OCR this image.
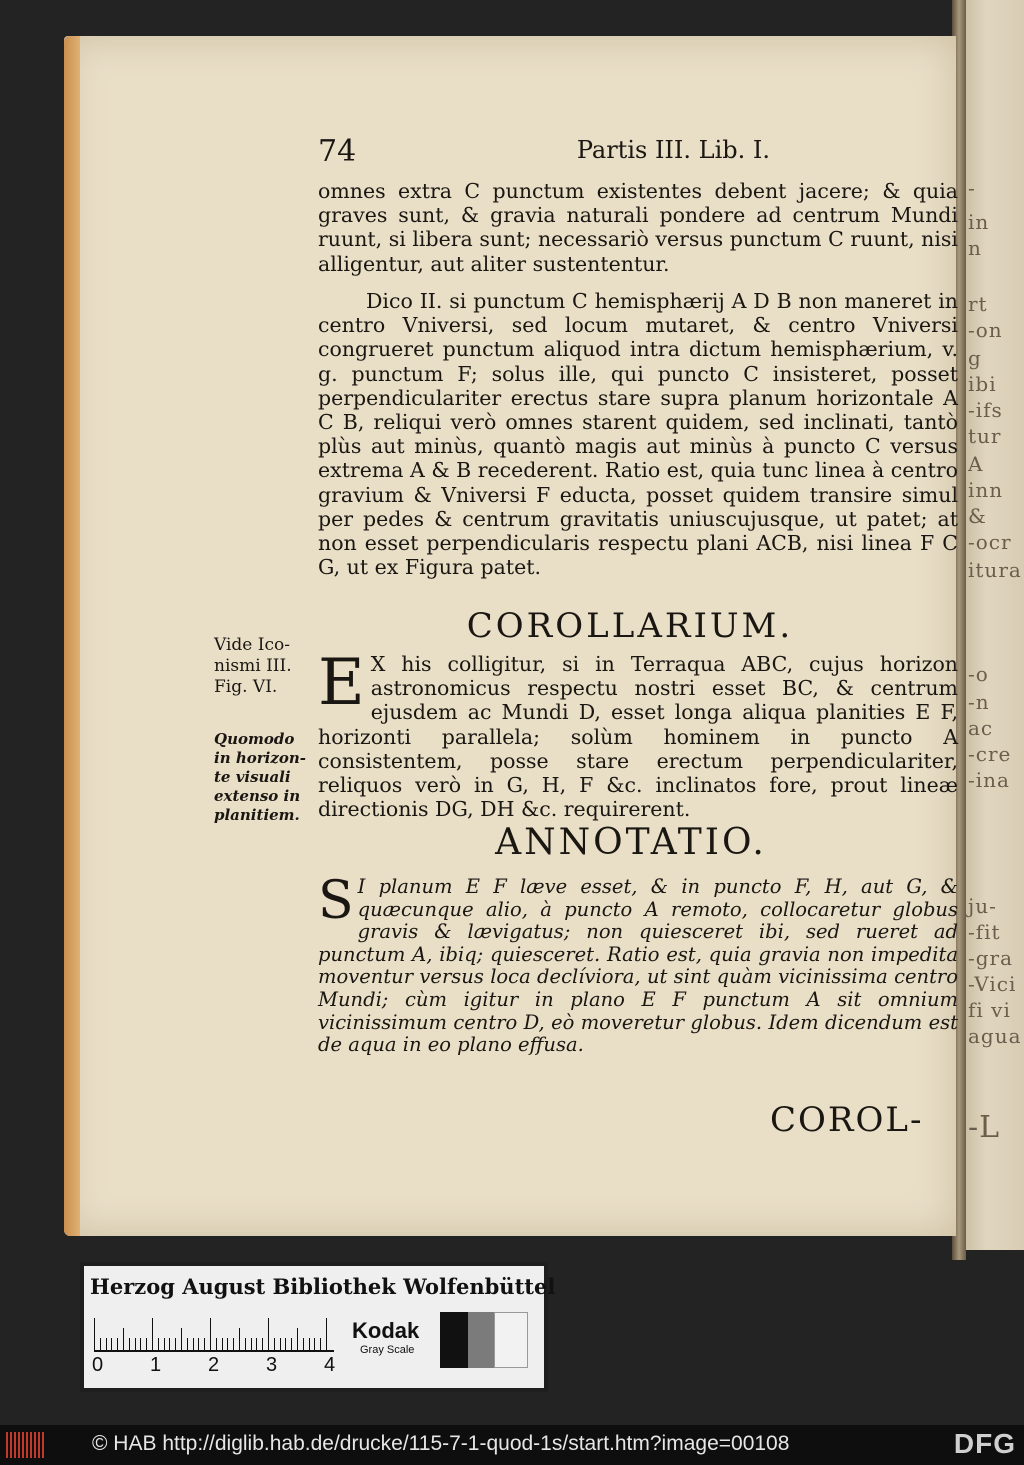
-
in
n
rt
-on
g
ibi
-ifs
tur
A
inn
&
-ocr
itura
-o
-n
ac
-cre
-ina
ju-
-fit
-gra
-Vici
fi vi
agua
-L
74	Partis III. Lib. I.

omnes extra C punctum existentes debent jacere; & quia graves sunt, & gravia naturali pondere ad centrum Mundi ruunt, si libera sunt; necessariò versus punctum C ruunt, nisi alligentur, aut aliter sustententur.

Dico II. si punctum C hemisphærij A D B non maneret in centro Vniversi, sed locum mutaret, & centro Vniversi congrueret punctum aliquod intra dictum hemisphærium, v. g. punctum F; solus ille, qui puncto C insisteret, posset perpendiculariter erectus stare supra planum horizontale A C B, reliqui verò omnes starent quidem, sed inclinati, tantò plùs aut minùs, quantò magis aut minùs à puncto C versus extrema A & B recederent. Ratio est, quia tunc linea à centro gravium & Vniversi F educta, posset quidem transire simul per pedes & centrum gravitatis uniuscujusque, ut patet; at non esset perpendicularis respectu plani ACB, nisi linea F C G, ut ex Figura patet.

COROLLARIUM.
Vide Ico-
nismi III.
Fig. VI.
Quomodo
in horizon-
te visuali
extenso in
planitiem.
E X his colligitur, si in Terraqua ABC, cujus horizon astronomicus respectu nostri esset BC, & centrum ejusdem ac Mundi D, esset longa aliqua planities E F, horizonti parallela; solùm hominem in puncto A consistentem, posse stare erectum perpendiculariter, reliquos verò in G, H, F &c. inclinatos fore, prout lineæ directionis DG, DH &c. requirerent.

ANNOTATIO.
S I planum E F læve esset, & in puncto F, H, aut G, & quæcunque alio, à puncto A remoto, collocaretur globus gravis & lævigatus; non quiesceret ibi, sed rueret ad punctum A, ibiq; quiesceret. Ratio est, quia gravia non impedita moventur versus loca declíviora, ut sint quàm vicinissima centro Mundi; cùm igitur in plano E F punctum A sit omnium vicinissimum centro D, eò moveretur globus. Idem dicendum est de aqua in eo plano effusa.

COROL-
Herzog August Bibliothek Wolfenbüttel
0 1 2 3 4
Kodak
Gray Scale
© HAB http://diglib.hab.de/drucke/115-7-1-quod-1s/start.htm?image=00108	DFG
